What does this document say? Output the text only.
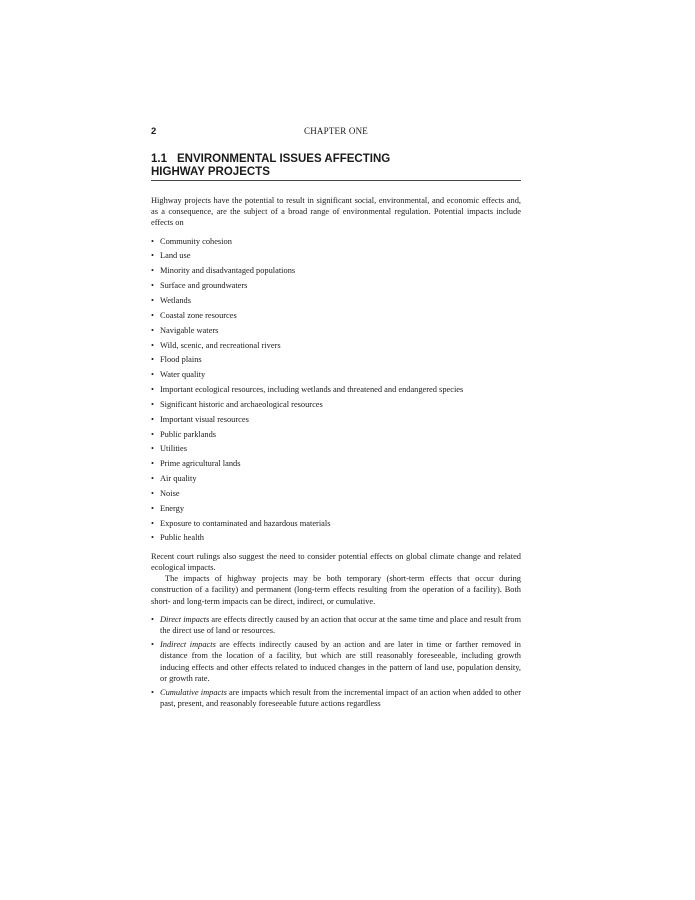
2	CHAPTER ONE
1.1 ENVIRONMENTAL ISSUES AFFECTING
HIGHWAY PROJECTS

Highway projects have the potential to result in significant social, environmental, and economic effects and, as a consequence, are the subject of a broad range of environmental regulation. Potential impacts include effects on

• Community cohesion
• Land use
• Minority and disadvantaged populations
• Surface and groundwaters
• Wetlands
• Coastal zone resources
• Navigable waters
• Wild, scenic, and recreational rivers
• Flood plains
• Water quality
• Important ecological resources, including wetlands and threatened and endangered species
• Significant historic and archaeological resources
• Important visual resources
• Public parklands
• Utilities
• Prime agricultural lands
• Air quality
• Noise
• Energy
• Exposure to contaminated and hazardous materials
• Public health

Recent court rulings also suggest the need to consider potential effects on global climate change and related ecological impacts.

The impacts of highway projects may be both temporary (short-term effects that occur during construction of a facility) and permanent (long-term effects resulting from the operation of a facility). Both short- and long-term impacts can be direct, indirect, or cumulative.

• Direct impacts are effects directly caused by an action that occur at the same time and place and result from the direct use of land or resources.
• Indirect impacts are effects indirectly caused by an action and are later in time or farther removed in distance from the location of a facility, but which are still reasonably foreseeable, including growth inducing effects and other effects related to induced changes in the pattern of land use, population density, or growth rate.
• Cumulative impacts are impacts which result from the incremental impact of an action when added to other past, present, and reasonably foreseeable future actions regardless
